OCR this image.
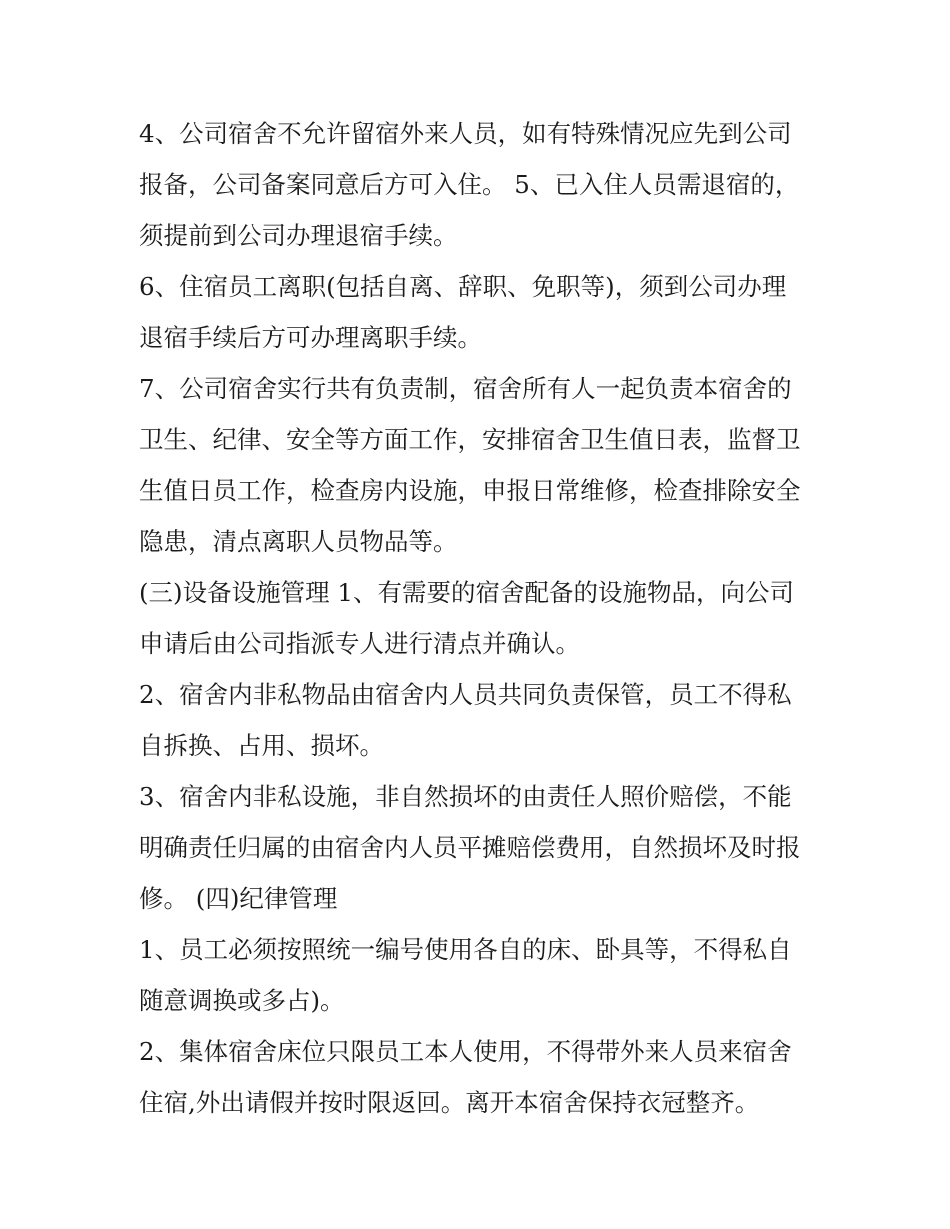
4、公司宿舍不允许留宿外来人员，如有特殊情况应先到公司
报备，公司备案同意后方可入住。 5、已入住人员需退宿的，
须提前到公司办理退宿手续。
6、住宿员工离职(包括自离、辞职、免职等)，须到公司办理
退宿手续后方可办理离职手续。
7、公司宿舍实行共有负责制，宿舍所有人一起负责本宿舍的
卫生、纪律、安全等方面工作，安排宿舍卫生值日表，监督卫
生值日员工作，检查房内设施，申报日常维修，检查排除安全
隐患，清点离职人员物品等。
(三)设备设施管理 1、有需要的宿舍配备的设施物品，向公司
申请后由公司指派专人进行清点并确认。
2、宿舍内非私物品由宿舍内人员共同负责保管，员工不得私
自拆换、占用、损坏。
3、宿舍内非私设施，非自然损坏的由责任人照价赔偿，不能
明确责任归属的由宿舍内人员平摊赔偿费用，自然损坏及时报
修。 (四)纪律管理
1、员工必须按照统一编号使用各自的床、卧具等，不得私自
随意调换或多占)。
2、集体宿舍床位只限员工本人使用，不得带外来人员来宿舍
住宿,外出请假并按时限返回。离开本宿舍保持衣冠整齐。
